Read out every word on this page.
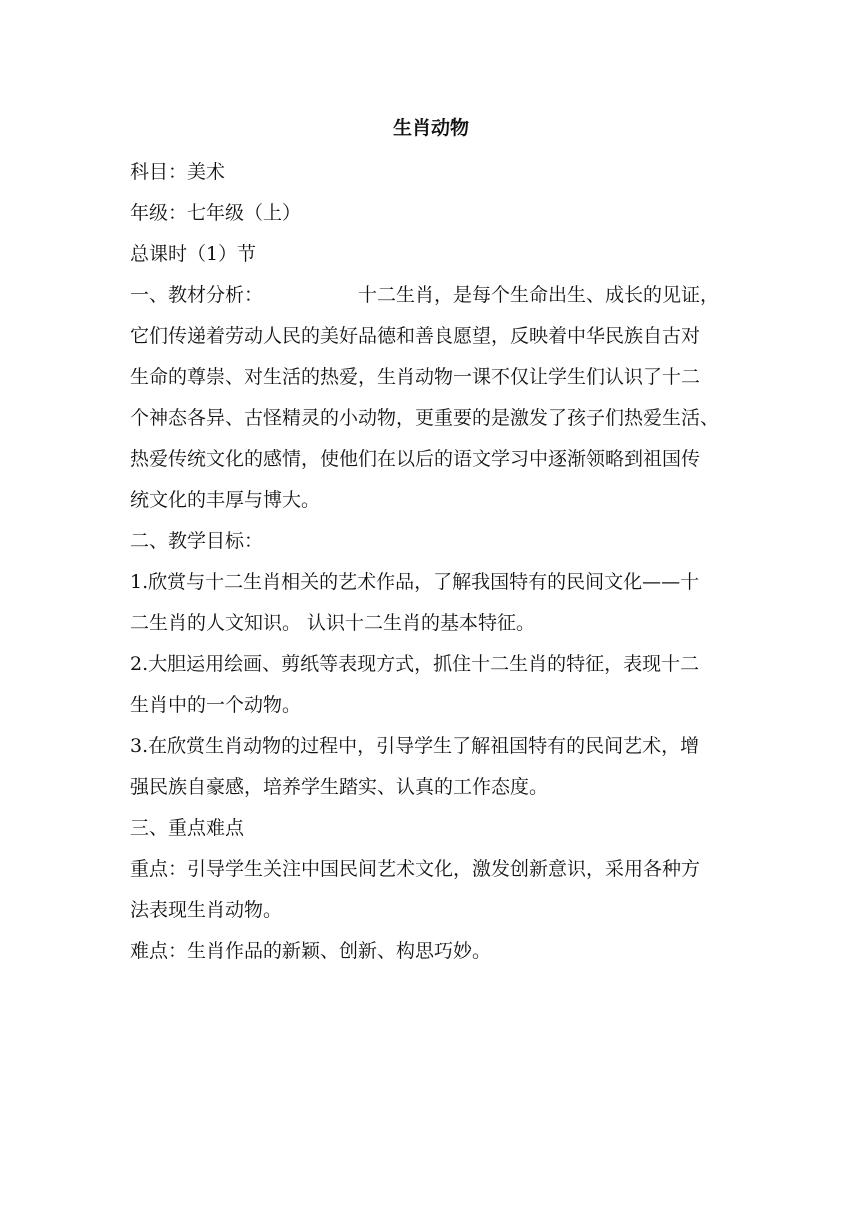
生肖动物

科目：美术

年级：七年级（上）

总课时（1）节

一、教材分析：	十二生肖，是每个生命出生、成长的见证，

它们传递着劳动人民的美好品德和善良愿望，反映着中华民族自古对

生命的尊崇、对生活的热爱，生肖动物一课不仅让学生们认识了十二

个神态各异、古怪精灵的小动物，更重要的是激发了孩子们热爱生活、

热爱传统文化的感情，使他们在以后的语文学习中逐渐领略到祖国传

统文化的丰厚与博大。

二、教学目标：

1.欣赏与十二生肖相关的艺术作品，了解我国特有的民间文化——十

二生肖的人文知识。 认识十二生肖的基本特征。

2.大胆运用绘画、剪纸等表现方式，抓住十二生肖的特征，表现十二

生肖中的一个动物。

3.在欣赏生肖动物的过程中，引导学生了解祖国特有的民间艺术，增

强民族自豪感，培养学生踏实、认真的工作态度。

三、重点难点

重点：引导学生关注中国民间艺术文化，激发创新意识，采用各种方

法表现生肖动物。

难点：生肖作品的新颖、创新、构思巧妙。
